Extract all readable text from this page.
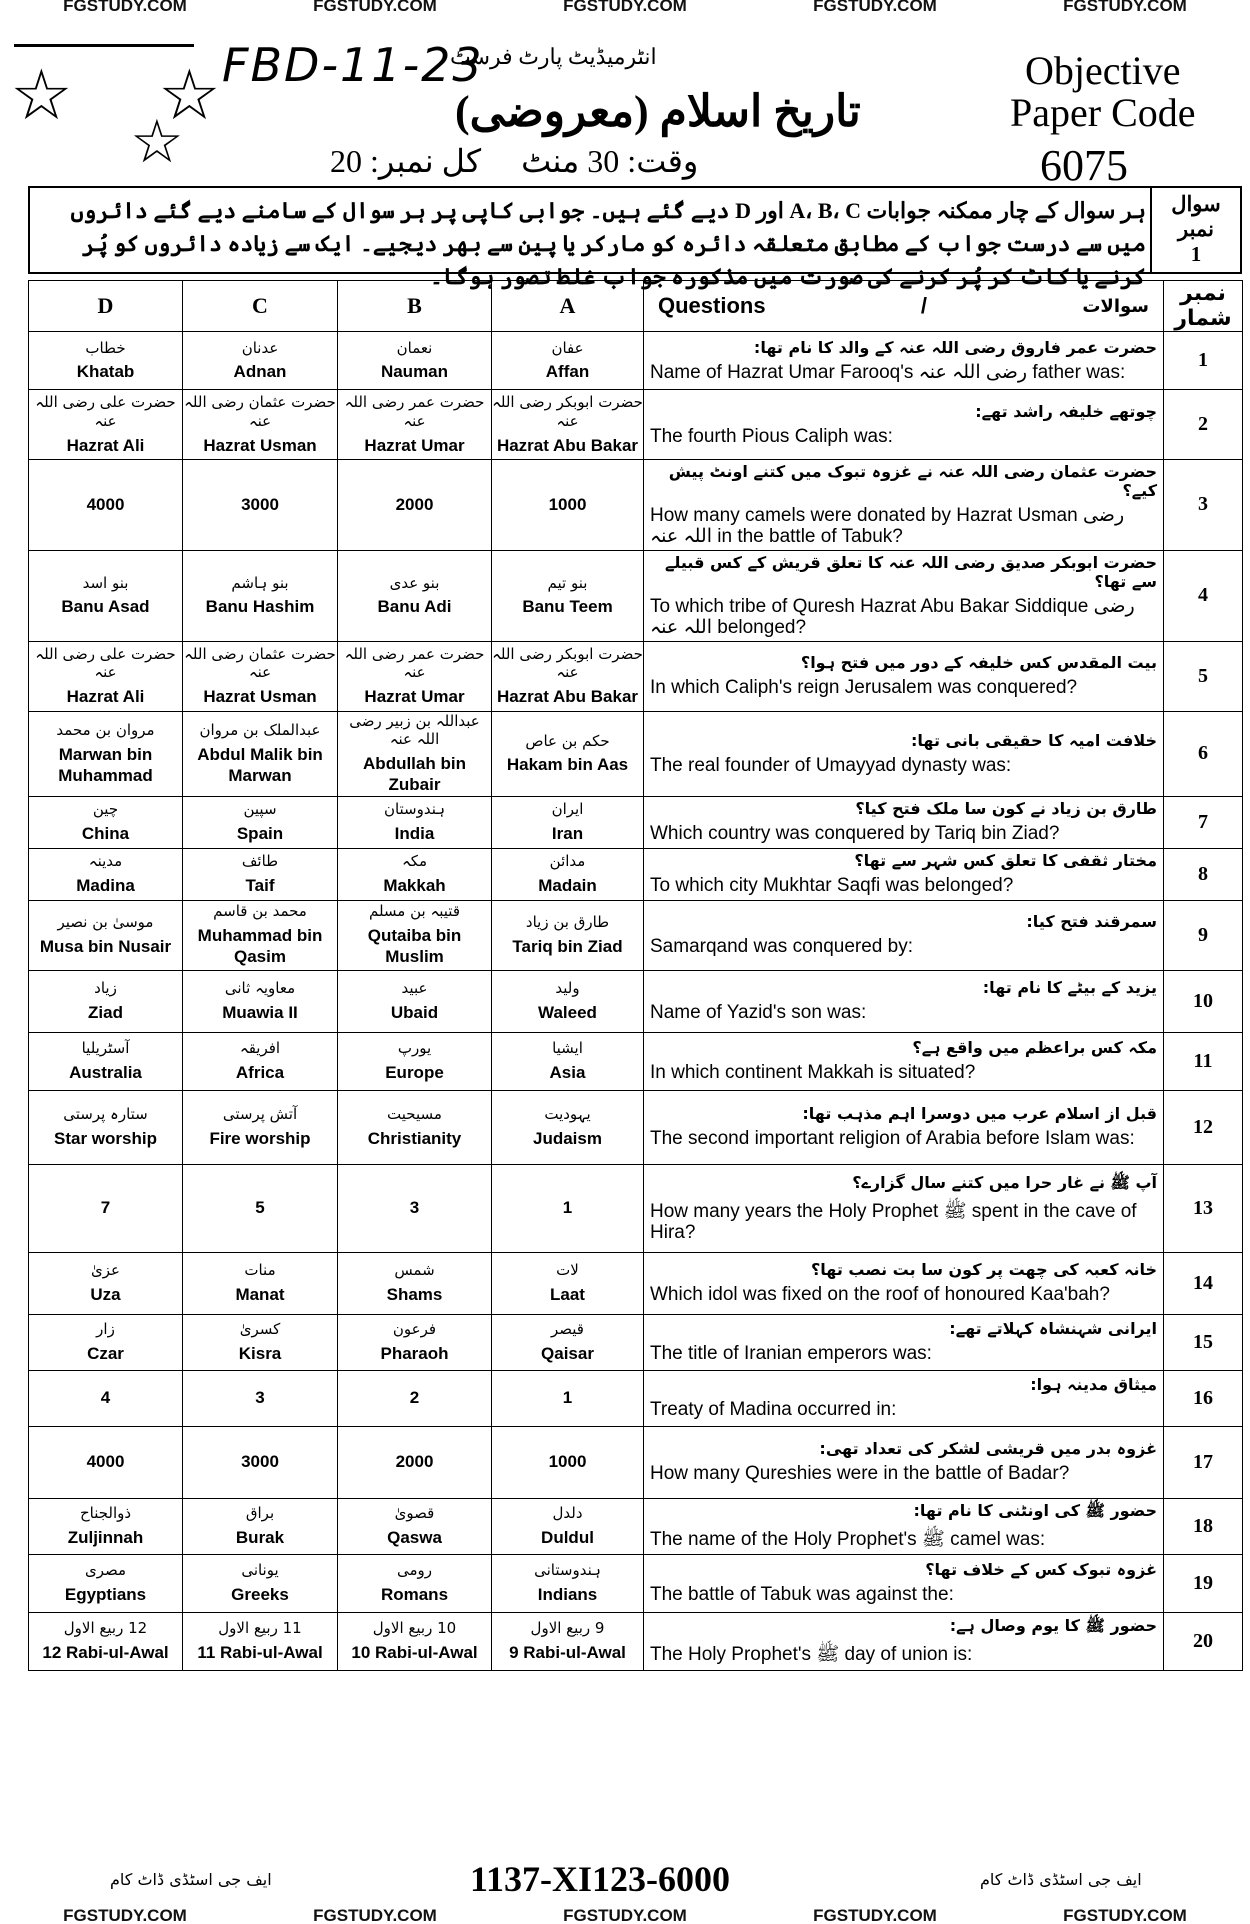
FGSTUDY.COM	FGSTUDY.COM	FGSTUDY.COM	FGSTUDY.COM	FGSTUDY.COM
☆ ☆
☆
FBD-11-23
انٹرمیڈیٹ پارٹ فرسٹ
تاریخ اسلام (معروضی)
وقت: 30 منٹ     کل نمبر: 20
Objective
Paper Code
6075
ہر سوال کے چار ممکنہ جوابات A، B، C اور D دیے گئے ہیں۔ جوابی کاپی پر ہر سوال کے سامنے دیے گئے دائروں میں سے درست جواب کے مطابق متعلقہ دائرہ کو مارکر یا پین سے بھر دیجیے۔ ایک سے زیادہ دائروں کو پُر کرنے یا کاٹ کر پُر کرنے کی صورت میں مذکورہ جواب غلط تصور ہوگا۔
سوال نمبر
1
D	C	B	A	Questions / سوالات	نمبر شمار

خطاب
Khatab	عدنان
Adnan	نعمان
Nauman	عفان
Affan	حضرت عمر فاروق رضی اللہ عنہ کے والد کا نام تھا:
Name of Hazrat Umar Farooq's رضی اللہ عنہ father was:	1

حضرت علی رضی اللہ عنہ
Hazrat Ali	حضرت عثمان رضی اللہ عنہ
Hazrat Usman	حضرت عمر رضی اللہ عنہ
Hazrat Umar	حضرت ابوبکر رضی اللہ عنہ
Hazrat Abu Bakar	چوتھے خلیفہ راشد تھے:
The fourth Pious Caliph was:	2
4000	3000	2000	1000	حضرت عثمان رضی اللہ عنہ نے غزوہ تبوک میں کتنے اونٹ پیش کیے؟
How many camels were donated by Hazrat Usman رضی اللہ عنہ in the battle of Tabuk?	3

بنو اسد
Banu Asad	بنو ہاشم
Banu Hashim	بنو عدی
Banu Adi	بنو تیم
Banu Teem	حضرت ابوبکر صدیق رضی اللہ عنہ کا تعلق قریش کے کس قبیلے سے تھا؟
To which tribe of Quresh Hazrat Abu Bakar Siddique رضی اللہ عنہ belonged?	4

حضرت علی رضی اللہ عنہ
Hazrat Ali	حضرت عثمان رضی اللہ عنہ
Hazrat Usman	حضرت عمر رضی اللہ عنہ
Hazrat Umar	حضرت ابوبکر رضی اللہ عنہ
Hazrat Abu Bakar	بیت المقدس کس خلیفہ کے دور میں فتح ہوا؟
In which Caliph's reign Jerusalem was conquered?	5

مروان بن محمد
Marwan bin Muhammad	عبدالملک بن مروان
Abdul Malik bin Marwan	عبداللہ بن زبیر رضی اللہ عنہ
Abdullah bin Zubair	حکم بن عاص
Hakam bin Aas	خلافت امیہ کا حقیقی بانی تھا:
The real founder of Umayyad dynasty was:	6

چین
China	سپین
Spain	ہندوستان
India	ایران
Iran	طارق بن زیاد نے کون سا ملک فتح کیا؟
Which country was conquered by Tariq bin Ziad?	7

مدینہ
Madina	طائف
Taif	مکہ
Makkah	مدائن
Madain	مختار ثقفی کا تعلق کس شہر سے تھا؟
To which city Mukhtar Saqfi was belonged?	8

موسیٰ بن نصیر
Musa bin Nusair	محمد بن قاسم
Muhammad bin Qasim	قتیبہ بن مسلم
Qutaiba bin Muslim	طارق بن زیاد
Tariq bin Ziad	سمرقند فتح کیا:
Samarqand was conquered by:	9

زیاد
Ziad	معاویہ ثانی
Muawia II	عبید
Ubaid	ولید
Waleed	یزید کے بیٹے کا نام تھا:
Name of Yazid's son was:	10

آسٹریلیا
Australia	افریقہ
Africa	یورپ
Europe	ایشیا
Asia	مکہ کس براعظم میں واقع ہے؟
In which continent Makkah is situated?	11

ستارہ پرستی
Star worship	آتش پرستی
Fire worship	مسیحیت
Christianity	یہودیت
Judaism	قبل از اسلام عرب میں دوسرا اہم مذہب تھا:
The second important religion of Arabia before Islam was:	12
7	5	3	1	آپ ﷺ نے غار حرا میں کتنے سال گزارے؟
How many years the Holy Prophet ﷺ spent in the cave of Hira?	13

عزیٰ
Uza	منات
Manat	شمس
Shams	لات
Laat	خانہ کعبہ کی چھت پر کون سا بت نصب تھا؟
Which idol was fixed on the roof of honoured Kaa'bah?	14

زار
Czar	کسریٰ
Kisra	فرعون
Pharaoh	قیصر
Qaisar	ایرانی شہنشاہ کہلاتے تھے:
The title of Iranian emperors was:	15
4	3	2	1	میثاق مدینہ ہوا:
Treaty of Madina occurred in:	16
4000	3000	2000	1000	غزوہ بدر میں قریشی لشکر کی تعداد تھی:
How many Qureshies were in the battle of Badar?	17

ذوالجناح
Zuljinnah	براق
Burak	قصویٰ
Qaswa	دلدل
Duldul	حضور ﷺ کی اونٹنی کا نام تھا:
The name of the Holy Prophet's ﷺ camel was:	18

مصری
Egyptians	یونانی
Greeks	رومی
Romans	ہندوستانی
Indians	غزوہ تبوک کس کے خلاف تھا؟
The battle of Tabuk was against the:	19

12 ربیع الاول
12 Rabi-ul-Awal	11 ربیع الاول
11 Rabi-ul-Awal	10 ربیع الاول
10 Rabi-ul-Awal	9 ربیع الاول
9 Rabi-ul-Awal	حضور ﷺ کا یوم وصال ہے:
The Holy Prophet's ﷺ day of union is:	20
ایف جی اسٹڈی ڈاٹ کام	1137-XI123-6000	ایف جی اسٹڈی ڈاٹ کام
FGSTUDY.COM	FGSTUDY.COM	FGSTUDY.COM	FGSTUDY.COM	FGSTUDY.COM
